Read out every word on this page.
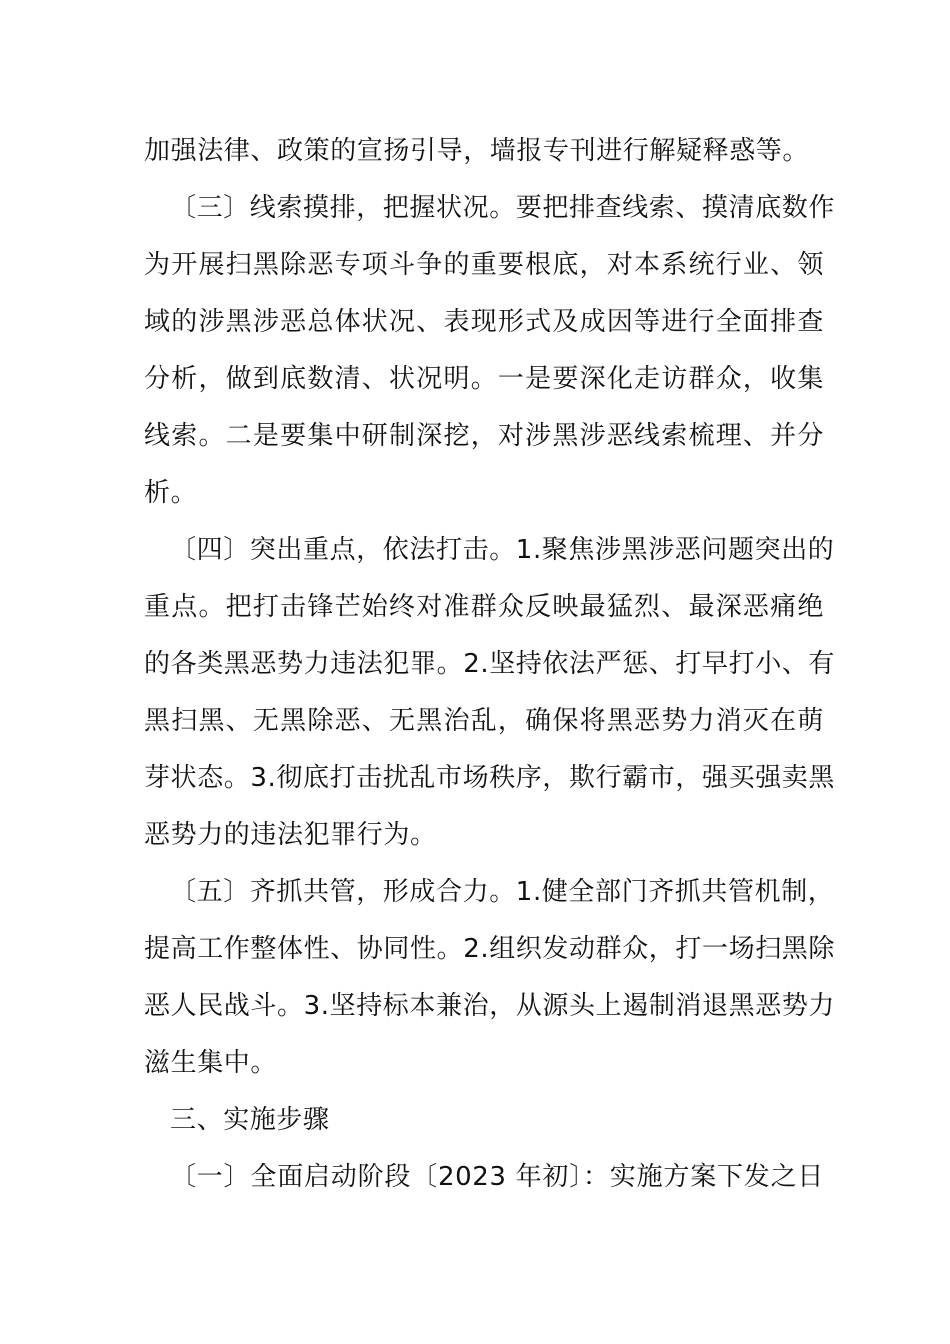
加强法律、政策的宣扬引导，墙报专刊进行解疑释惑等。
〔三〕线索摸排，把握状况。要把排查线索、摸清底数作
为开展扫黑除恶专项斗争的重要根底，对本系统行业、领
域的涉黑涉恶总体状况、表现形式及成因等进行全面排查
分析，做到底数清、状况明。一是要深化走访群众，收集
线索。二是要集中研制深挖，对涉黑涉恶线索梳理、并分
析。
〔四〕突出重点，依法打击。1.聚焦涉黑涉恶问题突出的
重点。把打击锋芒始终对准群众反映最猛烈、最深恶痛绝
的各类黑恶势力违法犯罪。2.坚持依法严惩、打早打小、有
黑扫黑、无黑除恶、无黑治乱，确保将黑恶势力消灭在萌
芽状态。3.彻底打击扰乱市场秩序，欺行霸市，强买强卖黑
恶势力的违法犯罪行为。
〔五〕齐抓共管，形成合力。1.健全部门齐抓共管机制，
提高工作整体性、协同性。2.组织发动群众，打一场扫黑除
恶人民战斗。3.坚持标本兼治，从源头上遏制消退黑恶势力
滋生集中。
三、实施步骤
〔一〕全面启动阶段〔2023 年初〕：实施方案下发之日
